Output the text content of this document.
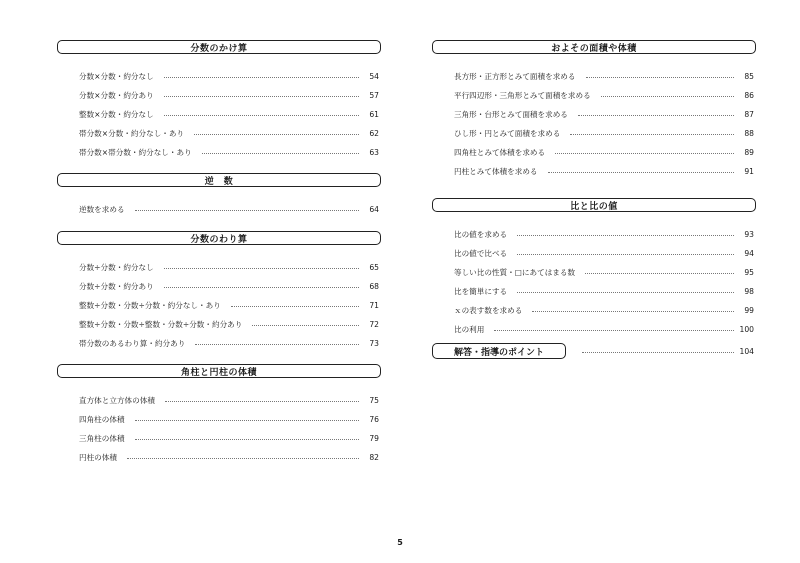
分数のかけ算
分数×分数・約分なし	54
分数×分数・約分あり	57
整数×分数・約分なし	61
帯分数×分数・約分なし・あり	62
帯分数×帯分数・約分なし・あり	63
逆　数
逆数を求める	64
分数のわり算
分数÷分数・約分なし	65
分数÷分数・約分あり	68
整数÷分数・分数÷分数・約分なし・あり	71
整数÷分数・分数÷整数・分数÷分数・約分あり	72
帯分数のあるわり算・約分あり	73
角柱と円柱の体積
直方体と立方体の体積	75
四角柱の体積	76
三角柱の体積	79
円柱の体積	82
およその面積や体積
長方形・正方形とみて面積を求める	85
平行四辺形・三角形とみて面積を求める	86
三角形・台形とみて面積を求める	87
ひし形・円とみて面積を求める	88
四角柱とみて体積を求める	89
円柱とみて体積を求める	91
比と比の値
比の値を求める	93
比の値で比べる	94
等しい比の性質・□にあてはまる数	95
比を簡単にする	98
ｘの表す数を求める	99
比の利用	100
解答・指導のポイント	104
5
